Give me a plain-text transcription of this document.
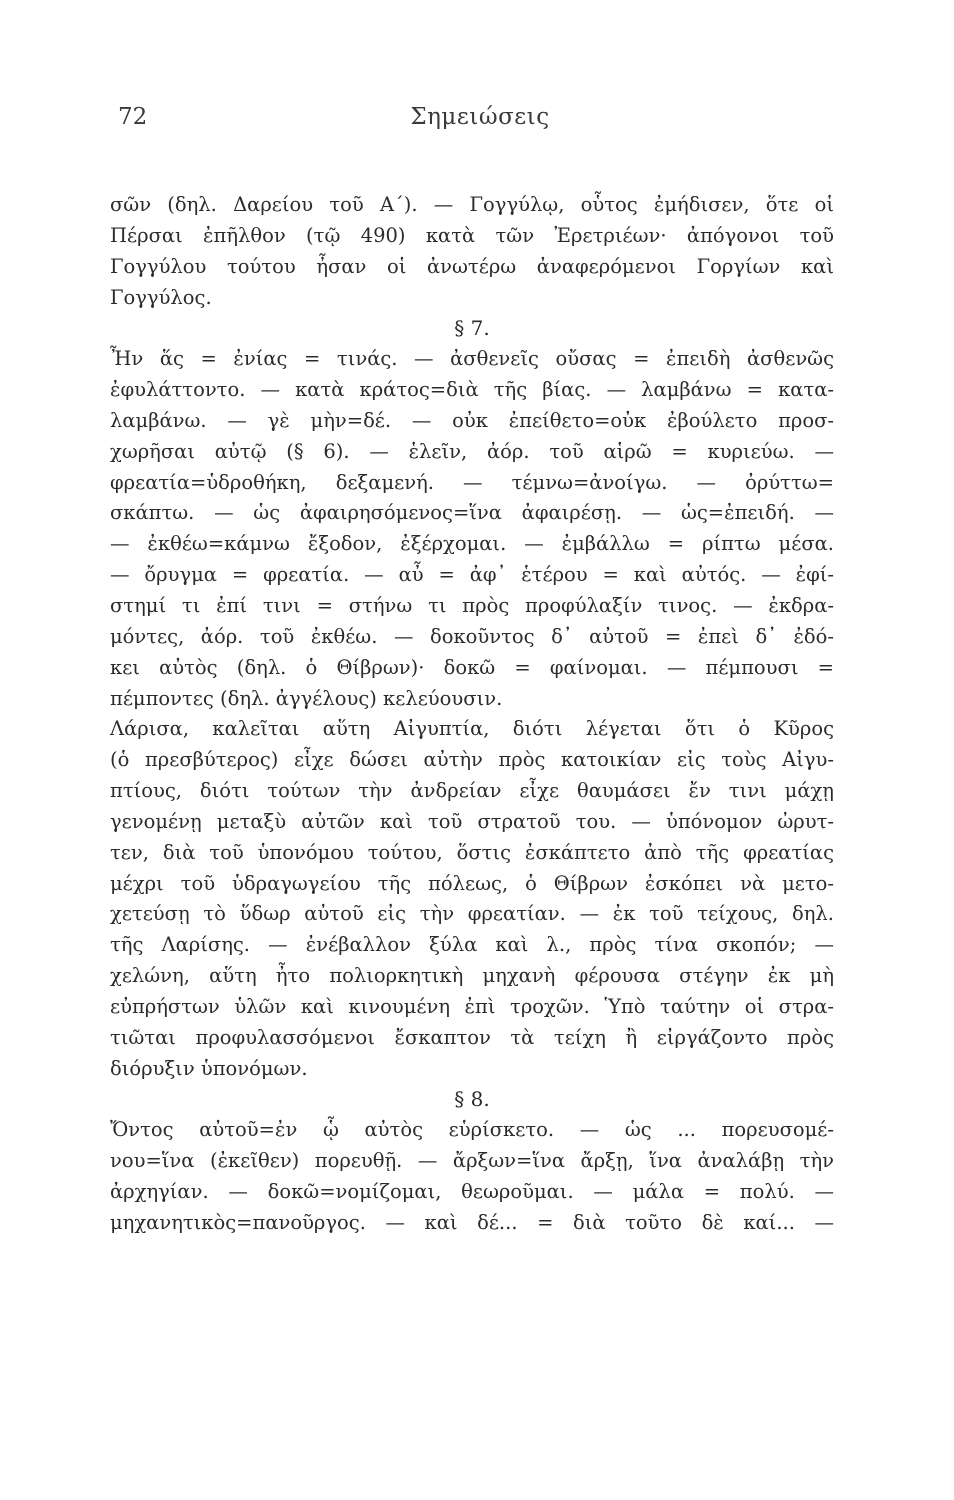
72	Σημειώσεις
σῶν (δηλ. Δαρείου τοῦ Α΄). — Γογγύλῳ, οὗτος ἐμήδισεν, ὅτε οἱ
Πέρσαι ἐπῆλθον (τῷ 490) κατὰ τῶν Ἐρετριέων· ἀπόγονοι τοῦ
Γογγύλου τούτου ἦσαν οἱ ἀνωτέρω ἀναφερόμενοι Γοργίων καὶ
Γογγύλος.
§ 7.
Ἦν ἅς = ἐνίας = τινάς. — ἀσθενεῖς οὔσας = ἐπειδὴ ἀσθενῶς
ἐφυλάττοντο. — κατὰ κράτος=διὰ τῆς βίας. — λαμβάνω = κατα-
λαμβάνω. — γὲ μὴν=δέ. — οὐκ ἐπείθετο=οὐκ ἐβούλετο προσ-
χωρῆσαι αὐτῷ (§ 6). — ἑλεῖν, ἀόρ. τοῦ αἱρῶ = κυριεύω. —
φρεατία=ὑδροθήκη, δεξαμενή. — τέμνω=ἀνοίγω. — ὀρύττω=
σκάπτω. — ὡς ἀφαιρησόμενος=ἵνα ἀφαιρέσῃ. — ὡς=ἐπειδή. —
— ἐκθέω=κάμνω ἔξοδον, ἐξέρχομαι. — ἐμβάλλω = ρίπτω μέσα.
— ὄρυγμα = φρεατία. — αὖ = ἀφ᾽ ἑτέρου = καὶ αὐτός. — ἐφί-
στημί τι ἐπί τινι = στήνω τι πρὸς προφύλαξίν τινος. — ἐκδρα-
μόντες, ἀόρ. τοῦ ἐκθέω. — δοκοῦντος δ᾽ αὐτοῦ = ἐπεὶ δ᾽ ἐδό-
κει αὐτὸς (δηλ. ὁ Θίβρων)· δοκῶ = φαίνομαι. — πέμπουσι =
πέμποντες (δηλ. ἀγγέλους) κελεύουσιν.
Λάρισα, καλεῖται αὕτη Αἰγυπτία, διότι λέγεται ὅτι ὁ Κῦρος
(ὁ πρεσβύτερος) εἶχε δώσει αὐτὴν πρὸς κατοικίαν εἰς τοὺς Αἰγυ-
πτίους, διότι τούτων τὴν ἀνδρείαν εἶχε θαυμάσει ἔν τινι μάχῃ
γενομένῃ μεταξὺ αὐτῶν καὶ τοῦ στρατοῦ του. — ὑπόνομον ὠρυτ-
τεν, διὰ τοῦ ὑπονόμου τούτου, ὅστις ἐσκάπτετο ἀπὸ τῆς φρεατίας
μέχρι τοῦ ὑδραγωγείου τῆς πόλεως, ὁ Θίβρων ἐσκόπει νὰ μετο-
χετεύσῃ τὸ ὕδωρ αὐτοῦ εἰς τὴν φρεατίαν. — ἐκ τοῦ τείχους, δηλ.
τῆς Λαρίσης. — ἐνέβαλλον ξύλα καὶ λ., πρὸς τίνα σκοπόν; —
χελώνη, αὕτη ἦτο πολιορκητικὴ μηχανὴ φέρουσα στέγην ἐκ μὴ
εὐπρήστων ὑλῶν καὶ κινουμένη ἐπὶ τροχῶν. Ὑπὸ ταύτην οἱ στρα-
τιῶται προφυλασσόμενοι ἔσκαπτον τὰ τείχη ἢ εἰργάζοντο πρὸς
διόρυξιν ὑπονόμων.
§ 8.
Ὄντος αὐτοῦ=ἐν ᾧ αὐτὸς εὑρίσκετο. — ὡς ... πορευσομέ-
νου=ἵνα (ἐκεῖθεν) πορευθῇ. — ἄρξων=ἵνα ἄρξῃ, ἵνα ἀναλάβῃ τὴν
ἀρχηγίαν. — δοκῶ=νομίζομαι, θεωροῦμαι. — μάλα = πολύ. —
μηχανητικὸς=πανοῦργος. — καὶ δέ... = διὰ τοῦτο δὲ καί... —
